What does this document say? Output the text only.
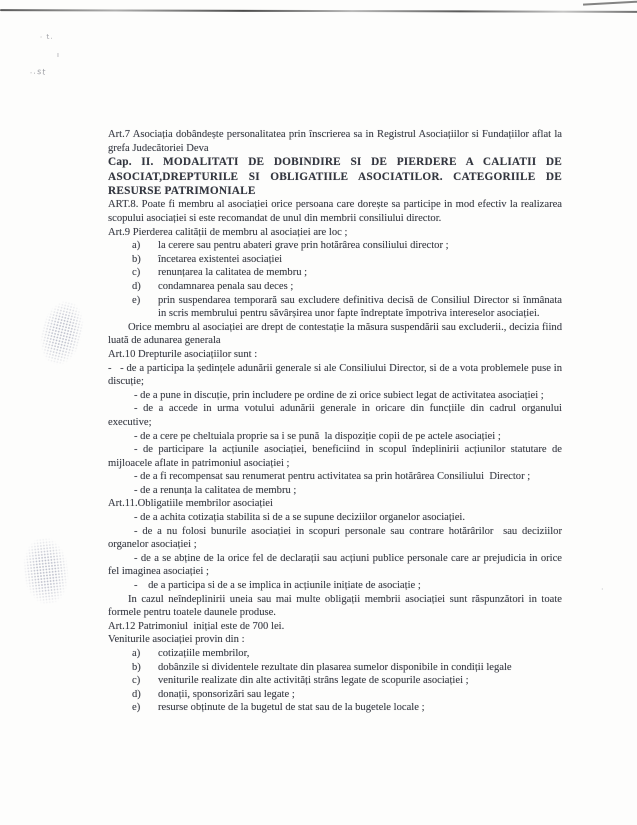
· t.
ı
..st
·

Art.7 Asociația dobândește personalitatea prin înscrierea sa in Registrul Asociațiilor si Fundațiilor aflat la grefa Judecătoriei Deva

Cap. II. MODALITATI DE DOBINDIRE SI DE PIERDERE A CALIATII DE ASOCIAT,DREPTURILE SI OBLIGATIILE ASOCIATILOR. CATEGORIILE DE RESURSE PATRIMONIALE

ART.8. Poate fi membru al asociației orice persoana care dorește sa participe in mod efectiv la realizarea scopului asociației si este recomandat de unul din membrii consiliului director.

Art.9 Pierderea calității de membru al asociației are loc ;

a)	la cerere sau pentru abateri grave prin hotărârea consiliului director ;
b)	încetarea existentei asociației
c)	renunțarea la calitatea de membru ;
d)	condamnarea penala sau deces ;
e)	prin suspendarea temporară sau excludere definitiva decisă de Consiliul Director si înmânata in scris membrului pentru săvârșirea unor fapte îndreptate împotriva intereselor asociației.

Orice membru al asociației are drept de contestație la măsura suspendării sau excluderii., decizia fiind luată de adunarea generala

Art.10 Drepturile asociațiilor sunt :

-   - de a participa la ședințele adunării generale si ale Consiliului Director, si de a vota problemele puse in discuție;

- de a pune in discuție, prin includere pe ordine de zi orice subiect legat de activitatea asociației ;

- de a accede in urma votului adunării generale in oricare din funcțiile din cadrul organului executive;

- de a cere pe cheltuiala proprie sa i se pună  la dispoziție copii de pe actele asociației ;

- de participare la acțiunile asociației, beneficiind in scopul îndeplinirii acțiunilor statutare de mijloacele aflate in patrimoniul asociației ;

- de a fi recompensat sau renumerat pentru activitatea sa prin hotărârea Consiliului  Director ;

- de a renunța la calitatea de membru ;

Art.11.Obligatiile membrilor asociației

- de a achita cotizația stabilita si de a se supune deciziilor organelor asociației.

- de a nu folosi bunurile asociației in scopuri personale sau contrare hotărârilor  sau deciziilor organelor asociației ;

- de a se abține de la orice fel de declarații sau acțiuni publice personale care ar prejudicia in orice fel imaginea asociației ;

-    de a participa si de a se implica in acțiunile inițiate de asociație ;

In cazul neîndeplinirii uneia sau mai multe obligații membrii asociației sunt răspunzători in toate formele pentru toatele daunele produse.

Art.12 Patrimoniul  inițial este de 700 lei.

Veniturile asociației provin din :

a)	cotizațiile membrilor,
b)	dobânzile si dividentele rezultate din plasarea sumelor disponibile in condiții legale
c)	veniturile realizate din alte activități strâns legate de scopurile asociației ;
d)	donații, sponsorizări sau legate ;
e)	resurse obținute de la bugetul de stat sau de la bugetele locale ;
